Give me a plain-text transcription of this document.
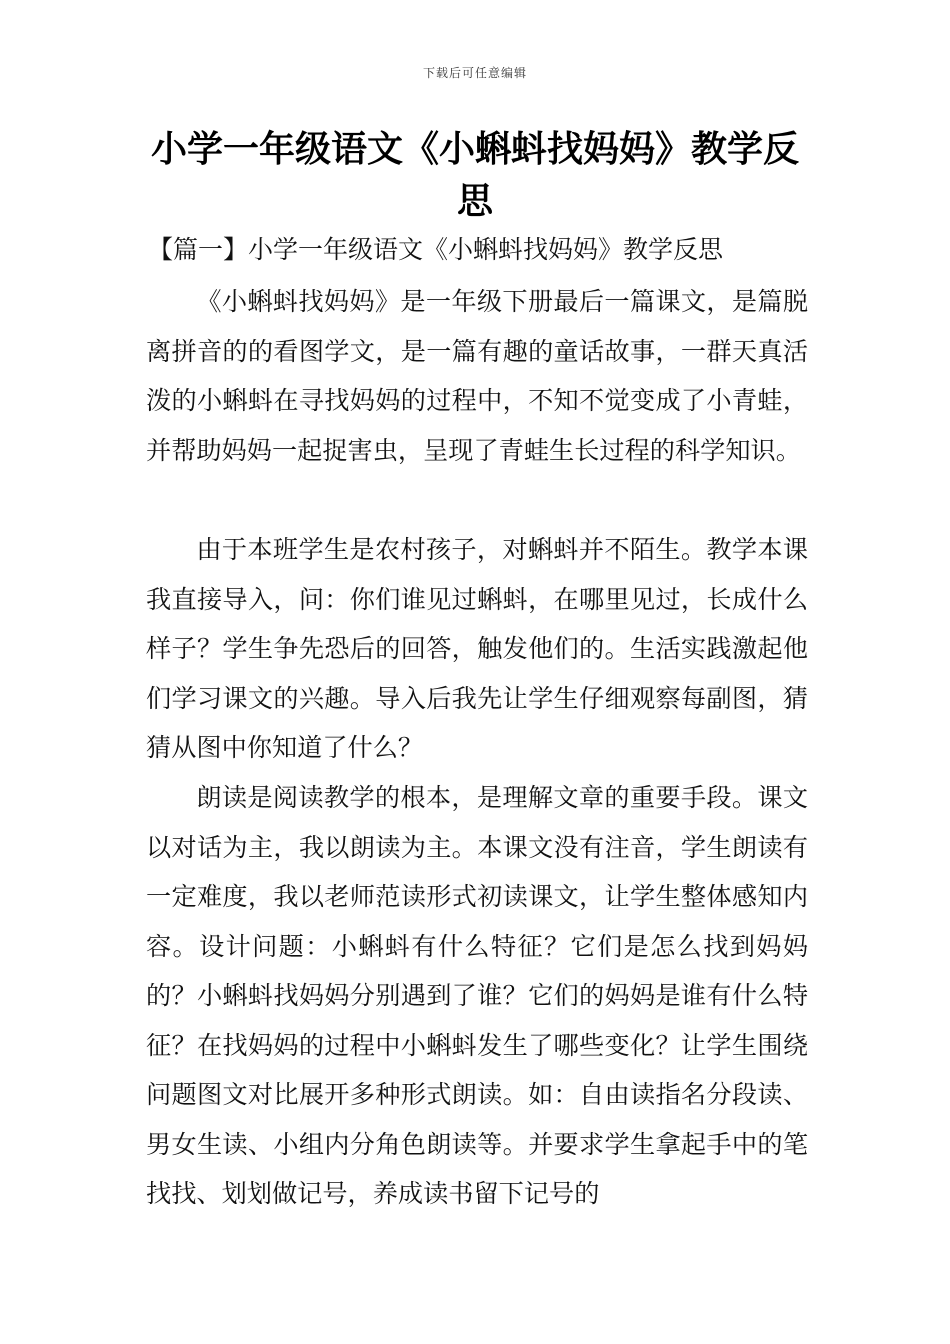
下载后可任意编辑
小学一年级语文《小蝌蚪找妈妈》教学反思
【篇一】小学一年级语文《小蝌蚪找妈妈》教学反思

《小蝌蚪找妈妈》是一年级下册最后一篇课文，是篇脱离拼音的的看图学文，是一篇有趣的童话故事，一群天真活泼的小蝌蚪在寻找妈妈的过程中，不知不觉变成了小青蛙，并帮助妈妈一起捉害虫，呈现了青蛙生长过程的科学知识。

由于本班学生是农村孩子，对蝌蚪并不陌生。教学本课我直接导入，问：你们谁见过蝌蚪，在哪里见过，长成什么样子？学生争先恐后的回答，触发他们的。生活实践激起他们学习课文的兴趣。导入后我先让学生仔细观察每副图，猜猜从图中你知道了什么？

朗读是阅读教学的根本，是理解文章的重要手段。课文以对话为主，我以朗读为主。本课文没有注音，学生朗读有一定难度，我以老师范读形式初读课文，让学生整体感知内容。设计问题：小蝌蚪有什么特征？它们是怎么找到妈妈的？小蝌蚪找妈妈分别遇到了谁？它们的妈妈是谁有什么特征？在找妈妈的过程中小蝌蚪发生了哪些变化？让学生围绕问题图文对比展开多种形式朗读。如：自由读指名分段读、男女生读、小组内分角色朗读等。并要求学生拿起手中的笔找找、划划做记号，养成读书留下记号的
